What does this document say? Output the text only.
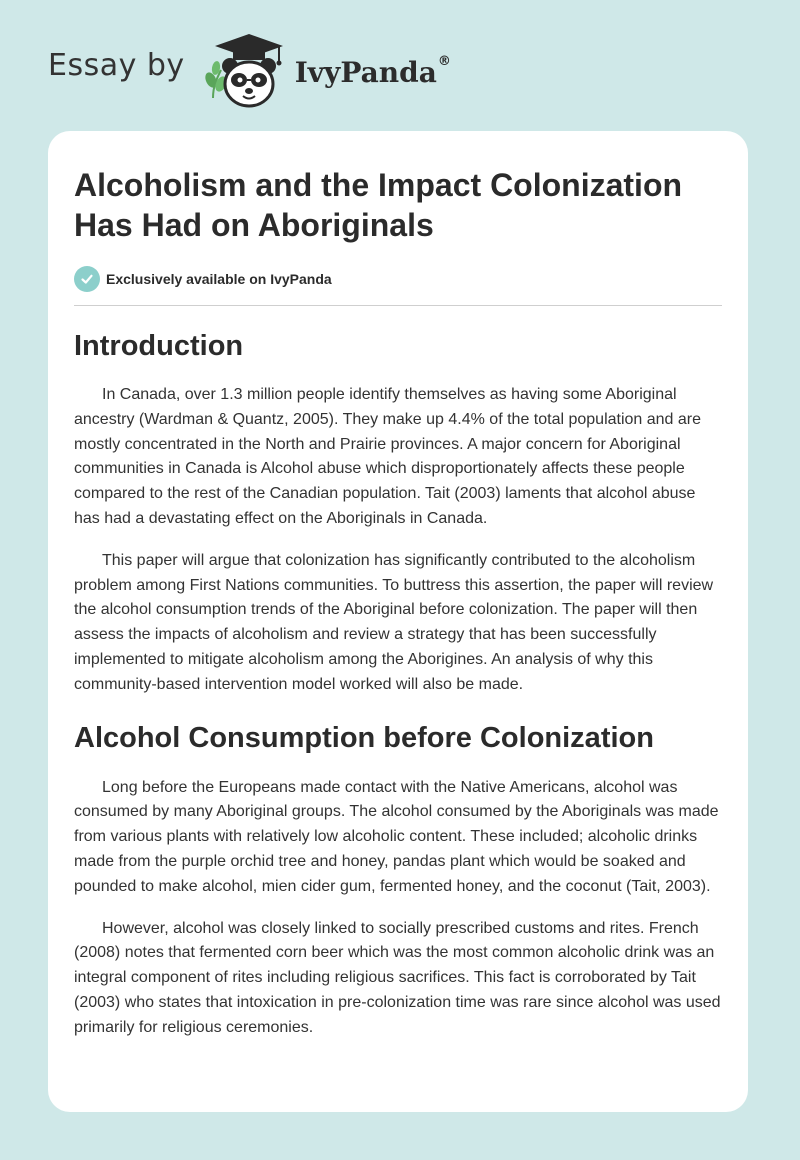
Essay by	IvyPanda®
Alcoholism and the Impact Colonization Has Had on Aboriginals
Exclusively available on IvyPanda
Introduction

In Canada, over 1.3 million people identify themselves as having some Aboriginal ancestry (Wardman & Quantz, 2005). They make up 4.4% of the total population and are mostly concentrated in the North and Prairie provinces. A major concern for Aboriginal communities in Canada is Alcohol abuse which disproportionately affects these people compared to the rest of the Canadian population. Tait (2003) laments that alcohol abuse has had a devastating effect on the Aboriginals in Canada.

This paper will argue that colonization has significantly contributed to the alcoholism problem among First Nations communities. To buttress this assertion, the paper will review the alcohol consumption trends of the Aboriginal before colonization. The paper will then assess the impacts of alcoholism and review a strategy that has been successfully implemented to mitigate alcoholism among the Aborigines. An analysis of why this community-based intervention model worked will also be made.

Alcohol Consumption before Colonization

Long before the Europeans made contact with the Native Americans, alcohol was consumed by many Aboriginal groups. The alcohol consumed by the Aboriginals was made from various plants with relatively low alcoholic content. These included; alcoholic drinks made from the purple orchid tree and honey, pandas plant which would be soaked and pounded to make alcohol, mien cider gum, fermented honey, and the coconut (Tait, 2003).

However, alcohol was closely linked to socially prescribed customs and rites. French (2008) notes that fermented corn beer which was the most common alcoholic drink was an integral component of rites including religious sacrifices. This fact is corroborated by Tait (2003) who states that intoxication in pre-colonization time was rare since alcohol was used primarily for religious ceremonies.
